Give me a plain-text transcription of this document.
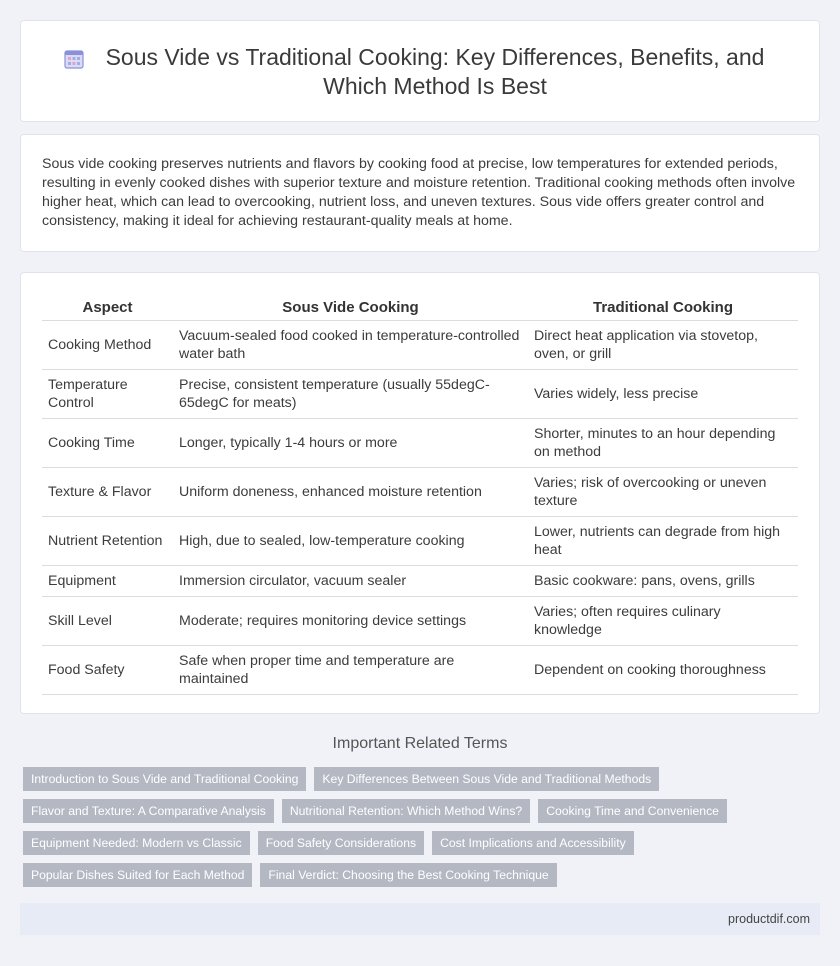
Sous Vide vs Traditional Cooking: Key Differences, Benefits, and Which Method Is Best

Sous vide cooking preserves nutrients and flavors by cooking food at precise, low temperatures for extended periods, resulting in evenly cooked dishes with superior texture and moisture retention. Traditional cooking methods often involve higher heat, which can lead to overcooking, nutrient loss, and uneven textures. Sous vide offers greater control and consistency, making it ideal for achieving restaurant-quality meals at home.

Aspect	Sous Vide Cooking	Traditional Cooking
Cooking Method	Vacuum-sealed food cooked in temperature-controlled water bath	Direct heat application via stovetop, oven, or grill
Temperature Control	Precise, consistent temperature (usually 55degC-65degC for meats)	Varies widely, less precise
Cooking Time	Longer, typically 1-4 hours or more	Shorter, minutes to an hour depending on method
Texture & Flavor	Uniform doneness, enhanced moisture retention	Varies; risk of overcooking or uneven texture
Nutrient Retention	High, due to sealed, low-temperature cooking	Lower, nutrients can degrade from high heat
Equipment	Immersion circulator, vacuum sealer	Basic cookware: pans, ovens, grills
Skill Level	Moderate; requires monitoring device settings	Varies; often requires culinary knowledge
Food Safety	Safe when proper time and temperature are maintained	Dependent on cooking thoroughness
Important Related Terms
Introduction to Sous Vide and Traditional Cooking	Key Differences Between Sous Vide and Traditional Methods
Flavor and Texture: A Comparative Analysis	Nutritional Retention: Which Method Wins?	Cooking Time and Convenience
Equipment Needed: Modern vs Classic	Food Safety Considerations	Cost Implications and Accessibility
Popular Dishes Suited for Each Method	Final Verdict: Choosing the Best Cooking Technique
productdif.com
